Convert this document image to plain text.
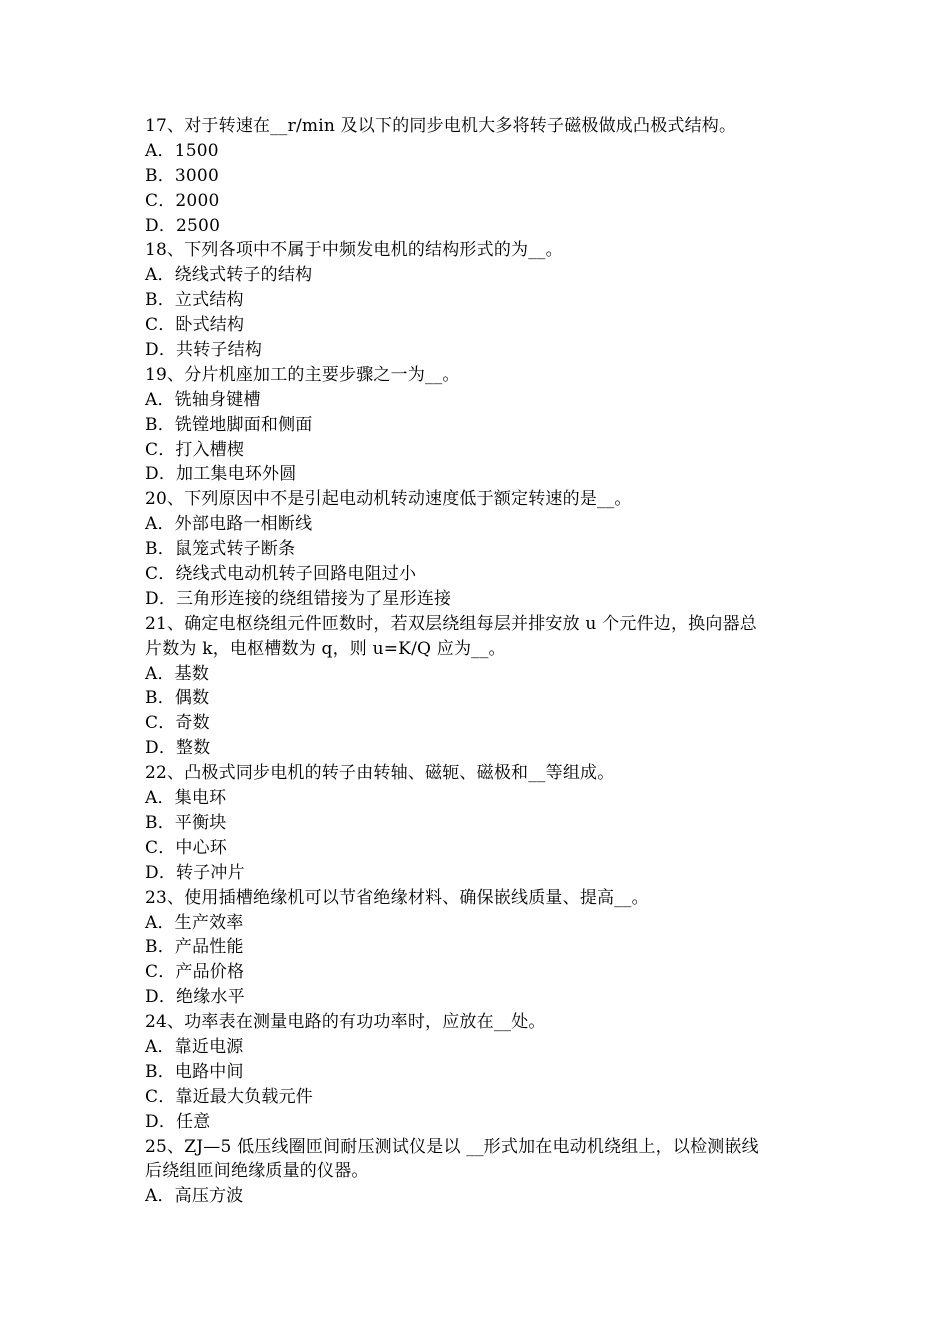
17、对于转速在__r/min 及以下的同步电机大多将转子磁极做成凸极式结构。
A．1500
B．3000
C．2000
D．2500
18、下列各项中不属于中频发电机的结构形式的为__。
A．绕线式转子的结构
B．立式结构
C．卧式结构
D．共转子结构
19、分片机座加工的主要步骤之一为__。
A．铣轴身键槽
B．铣镗地脚面和侧面
C．打入槽楔
D．加工集电环外圆
20、下列原因中不是引起电动机转动速度低于额定转速的是__。
A．外部电路一相断线
B．鼠笼式转子断条
C．绕线式电动机转子回路电阻过小
D．三角形连接的绕组错接为了星形连接
21、确定电枢绕组元件匝数时，若双层绕组每层并排安放 u 个元件边，换向器总
片数为 k，电枢槽数为 q，则 u=K/Q 应为__。
A．基数
B．偶数
C．奇数
D．整数
22、凸极式同步电机的转子由转轴、磁轭、磁极和__等组成。
A．集电环
B．平衡块
C．中心环
D．转子冲片
23、使用插槽绝缘机可以节省绝缘材料、确保嵌线质量、提高__。
A．生产效率
B．产品性能
C．产品价格
D．绝缘水平
24、功率表在测量电路的有功功率时，应放在__处。
A．靠近电源
B．电路中间
C．靠近最大负载元件
D．任意
25、ZJ—5 低压线圈匝间耐压测试仪是以 __形式加在电动机绕组上，以检测嵌线
后绕组匝间绝缘质量的仪器。
A．高压方波
